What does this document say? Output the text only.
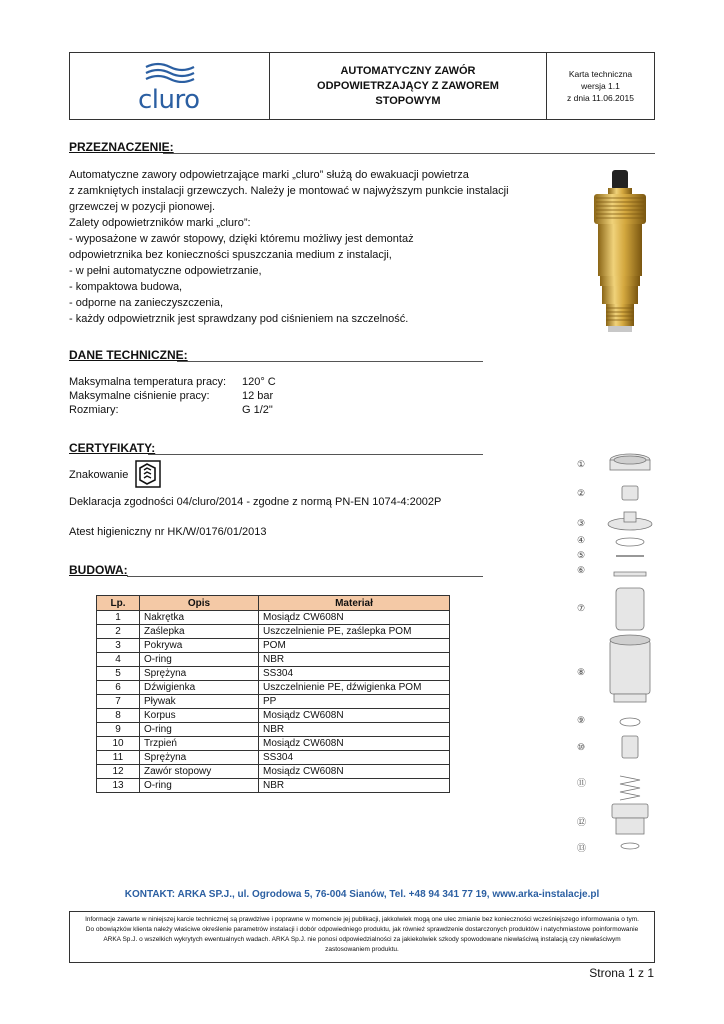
cluro
AUTOMATYCZNY ZAWÓR
ODPOWIETRZAJĄCY Z ZAWOREM
STOPOWYM
Karta techniczna
wersja 1.1
z dnia 11.06.2015
PRZEZNACZENIE:
Automatyczne zawory odpowietrzające marki „cluro” służą do ewakuacji powietrza
z zamkniętych instalacji grzewczych. Należy je montować w najwyższym punkcie instalacji
grzewczej w pozycji pionowej.
Zalety odpowietrzników marki „cluro”:
- wyposażone w zawór stopowy, dzięki któremu możliwy jest demontaż
odpowietrznika bez konieczności spuszczania medium z instalacji,
- w pełni automatyczne odpowietrzanie,
- kompaktowa budowa,
- odporne na zanieczyszczenia,
- każdy odpowietrznik jest sprawdzany pod ciśnieniem na szczelność.
DANE TECHNICZNE:
Maksymalna temperatura pracy:	120° C
Maksymalne ciśnienie pracy:	12 bar
Rozmiary:	G 1/2"
CERTYFIKATY:
Znakowanie
Deklaracja zgodności 04/cluro/2014 - zgodne z normą PN-EN 1074-4:2002P
Atest higieniczny nr HK/W/0176/01/2013
BUDOWA:
Lp.	Opis	Materiał
1	Nakrętka	Mosiądz CW608N
2	Zaślepka	Uszczelnienie PE, zaślepka POM
3	Pokrywa	POM
4	O-ring	NBR
5	Sprężyna	SS304
6	Dźwigienka	Uszczelnienie PE, dźwigienka POM
7	Pływak	PP
8	Korpus	Mosiądz CW608N
9	O-ring	NBR
10	Trzpień	Mosiądz CW608N
11	Sprężyna	SS304
12	Zawór stopowy	Mosiądz CW608N
13	O-ring	NBR
①
②
③
④
⑤
⑥
⑦
⑧
⑨
⑩
⑪
⑫
⑬
KONTAKT: ARKA SP.J., ul. Ogrodowa 5, 76-004 Sianów, Tel. +48 94 341 77 19, www.arka-instalacje.pl
Informacje zawarte w niniejszej karcie technicznej są prawdziwe i poprawne w momencie jej publikacji, jakkolwiek mogą one ulec zmianie bez konieczności wcześniejszego informowania o tym. Do obowiązków klienta należy właściwe określenie parametrów instalacji i dobór odpowiedniego produktu, jak również sprawdzenie dostarczonych produktów i natychmiastowe poinformowanie ARKA Sp.J. o wszelkich wykrytych ewentualnych wadach. ARKA Sp.J. nie ponosi odpowiedzialności za jakiekolwiek szkody spowodowane niewłaściwą instalacją czy niewłaściwym zastosowaniem produktu.
Strona 1 z 1
